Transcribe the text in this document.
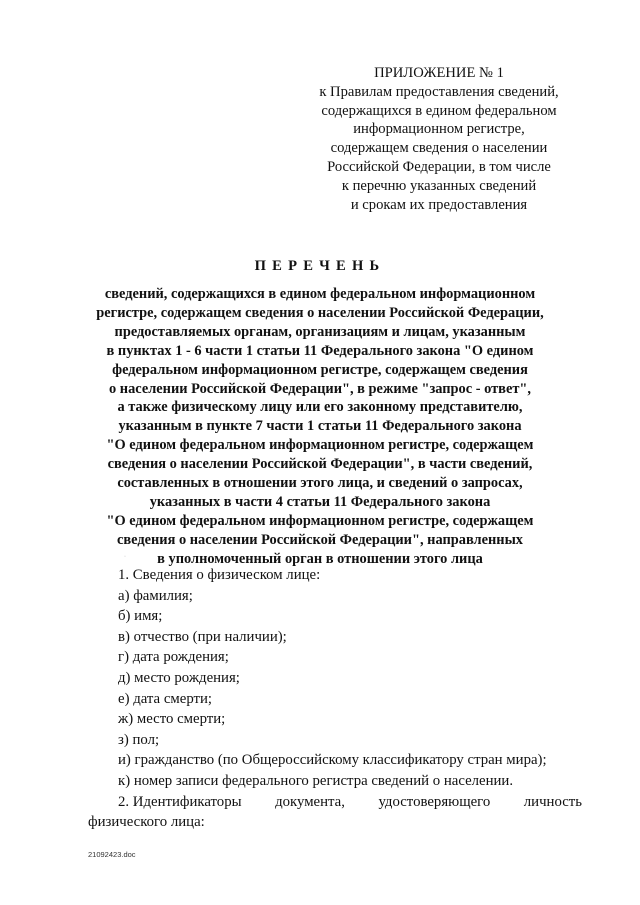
ПРИЛОЖЕНИЕ № 1
к Правилам предоставления сведений,
содержащихся в едином федеральном
информационном регистре,
содержащем сведения о населении
Российской Федерации, в том числе
к перечню указанных сведений
и срокам их предоставления
ПЕРЕЧЕНЬ
сведений, содержащихся в едином федеральном информационном
регистре, содержащем сведения о населении Российской Федерации,
предоставляемых органам, организациям и лицам, указанным
в пунктах 1 - 6 части 1 статьи 11 Федерального закона "О едином
федеральном информационном регистре, содержащем сведения
о населении Российской Федерации", в режиме "запрос - ответ",
а также физическому лицу или его законному представителю,
указанным в пункте 7 части 1 статьи 11 Федерального закона
"О едином федеральном информационном регистре, содержащем
сведения о населении Российской Федерации", в части сведений,
составленных в отношении этого лица, и сведений о запросах,
указанных в части 4 статьи 11 Федерального закона
"О едином федеральном информационном регистре, содержащем
сведения о населении Российской Федерации", направленных
в уполномоченный орган в отношении этого лица
·
1. Сведения о физическом лице:
а) фамилия;
б) имя;
в) отчество (при наличии);
г) дата рождения;
д) место рождения;
е) дата смерти;
ж) место смерти;
з) пол;
и) гражданство (по Общероссийскому классификатору стран мира);
к) номер записи федерального регистра сведений о населении.
2. Идентификаторы документа, удостоверяющего личность
физического лица:
21092423.doc
